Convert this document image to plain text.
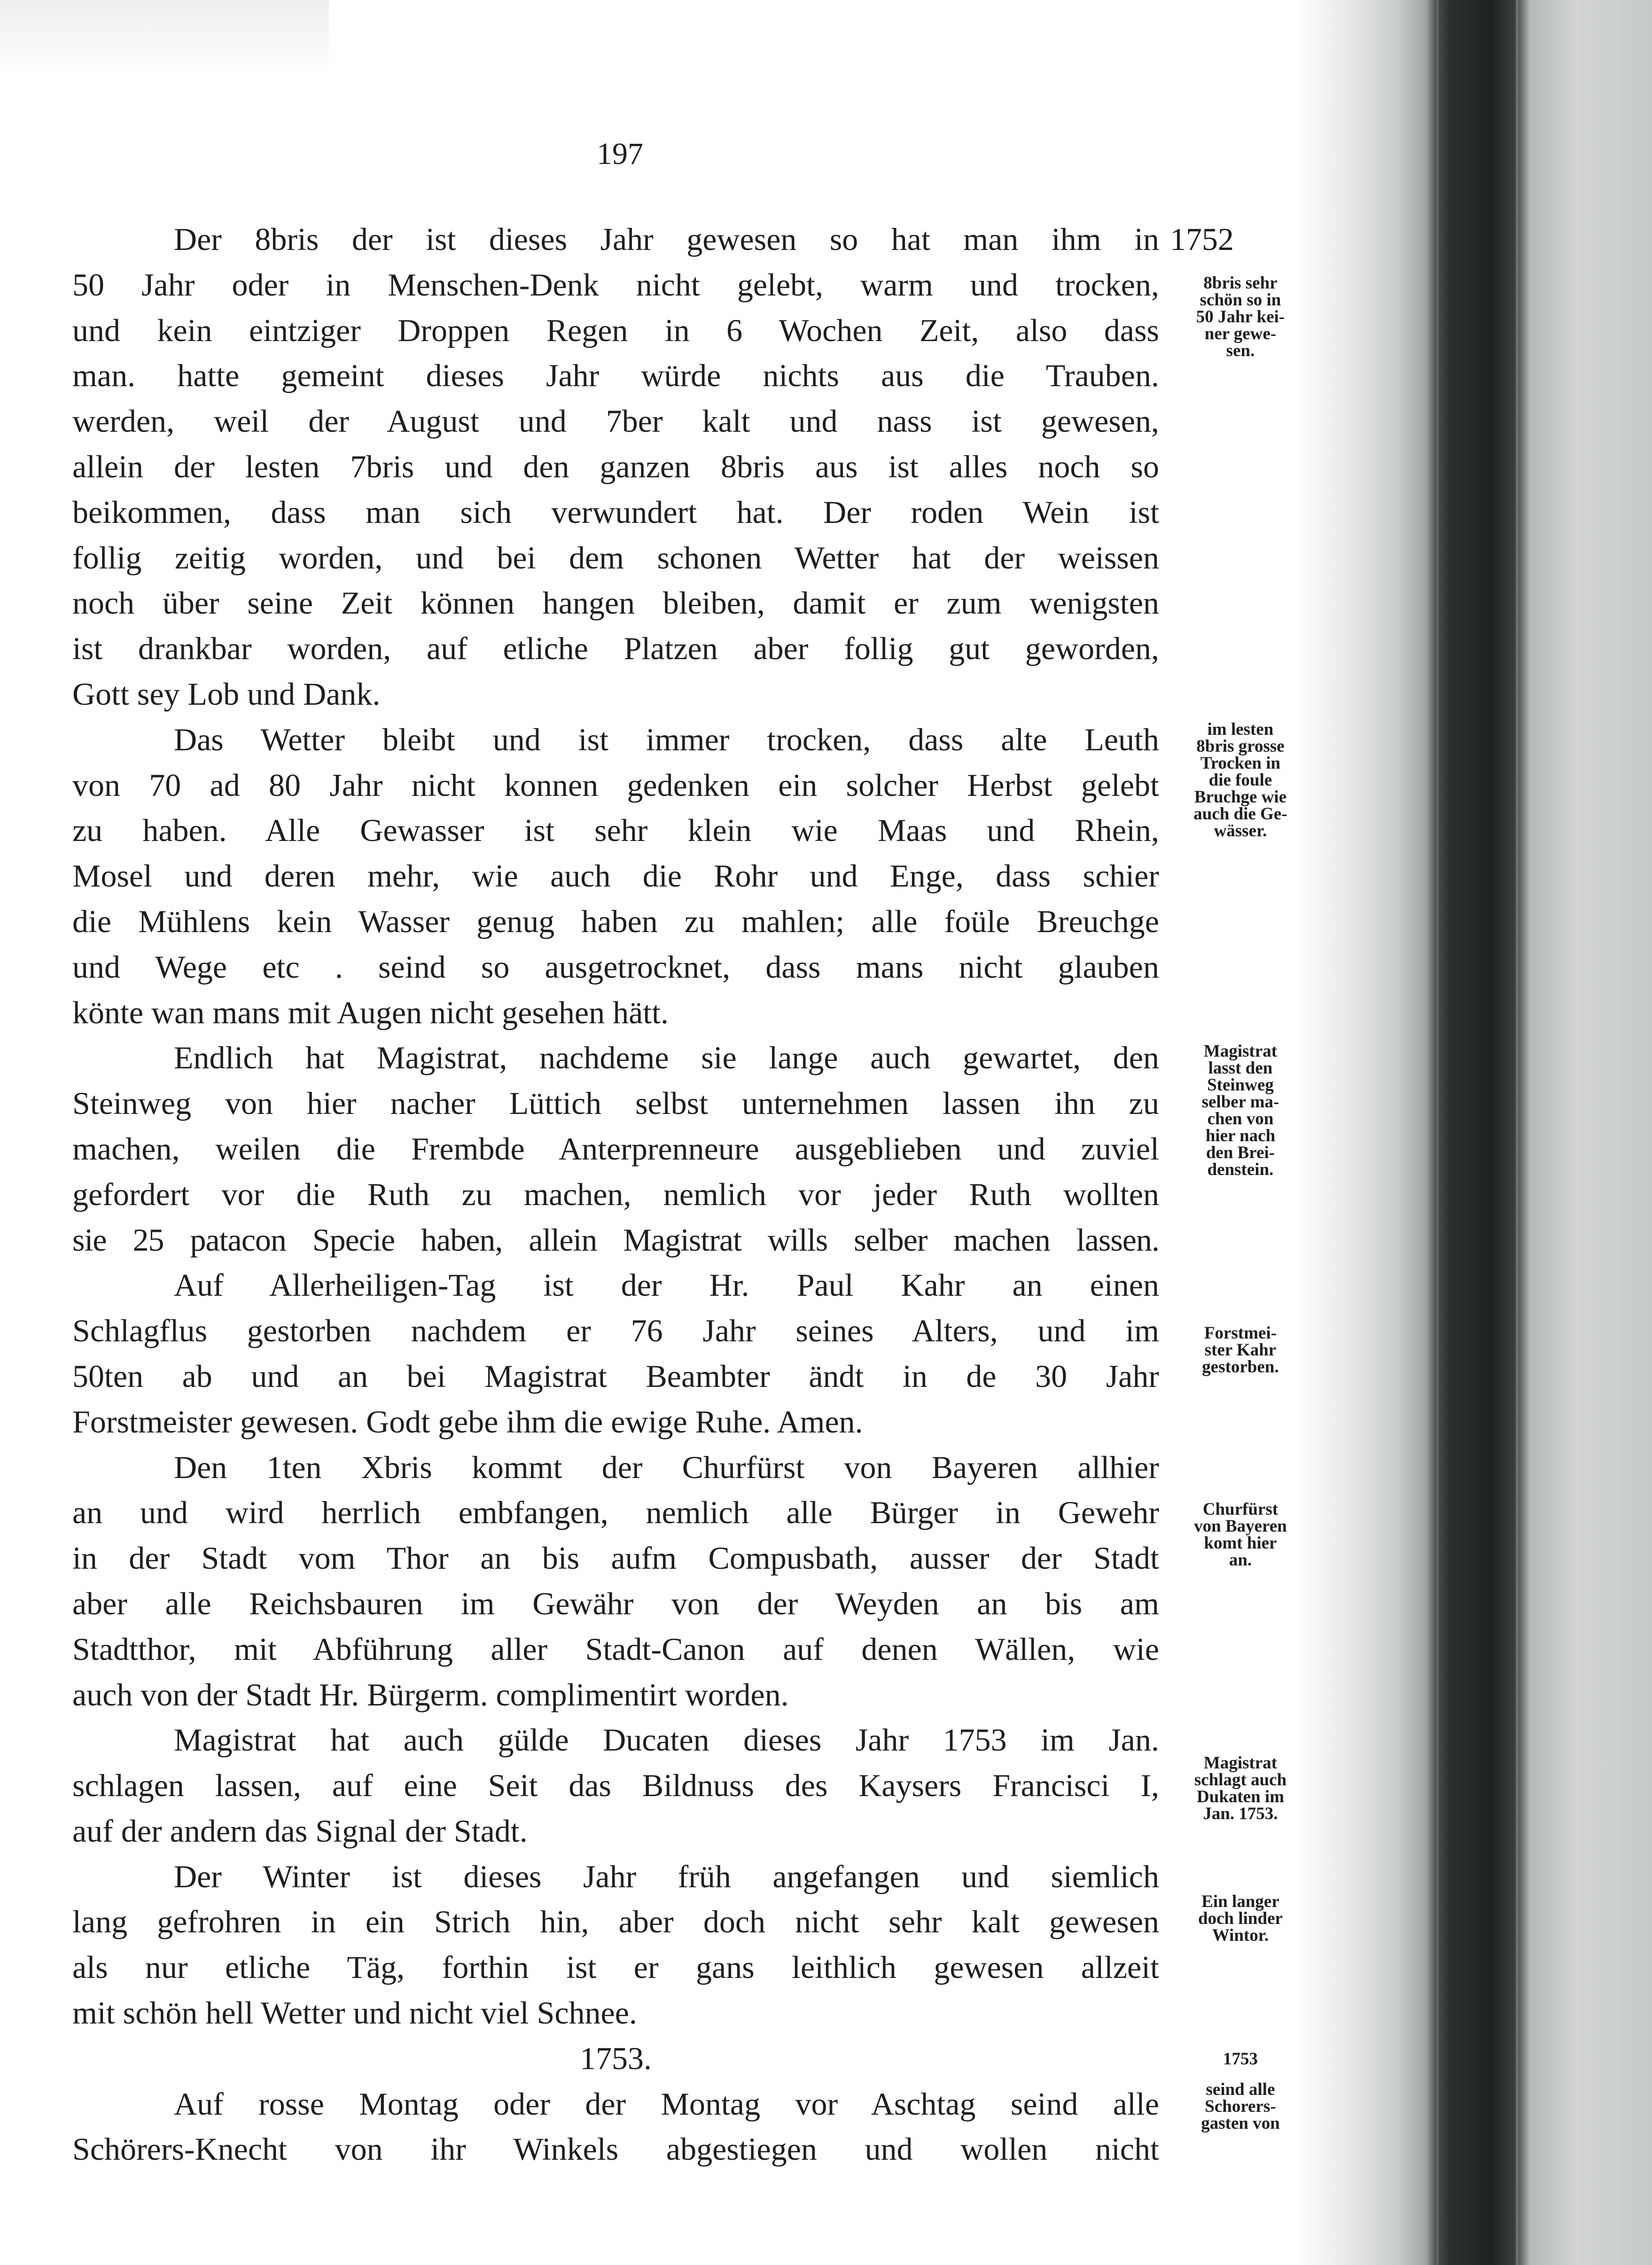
197
Der 8bris der ist dieses Jahr gewesen so hat man ihm in
50 Jahr oder in Menschen-Denk nicht gelebt, warm und trocken,
und kein eintziger Droppen Regen in 6 Wochen Zeit, also dass
man. hatte gemeint dieses Jahr würde nichts aus die Trauben.
werden, weil der August und 7ber kalt und nass ist gewesen,
allein der lesten 7bris und den ganzen 8bris aus ist alles noch so
beikommen, dass man sich verwundert hat. Der roden Wein ist
follig zeitig worden, und bei dem schonen Wetter hat der weissen
noch über seine Zeit können hangen bleiben, damit er zum wenigsten
ist drankbar worden, auf etliche Platzen aber follig gut geworden,
Gott sey Lob und Dank.
Das Wetter bleibt und ist immer trocken, dass alte Leuth
von 70 ad 80 Jahr nicht konnen gedenken ein solcher Herbst gelebt
zu haben. Alle Gewasser ist sehr klein wie Maas und Rhein,
Mosel und deren mehr, wie auch die Rohr und Enge, dass schier
die Mühlens kein Wasser genug haben zu mahlen; alle foüle Breuchge
und Wege etc . seind so ausgetrocknet, dass mans nicht glauben
könte wan mans mit Augen nicht gesehen hätt.
Endlich hat Magistrat, nachdeme sie lange auch gewartet, den
Steinweg von hier nacher Lüttich selbst unternehmen lassen ihn zu
machen, weilen die Frembde Anterprenneure ausgeblieben und zuviel
gefordert vor die Ruth zu machen, nemlich vor jeder Ruth wollten
sie 25 patacon Specie haben, allein Magistrat wills selber machen lassen.
Auf Allerheiligen-Tag ist der Hr. Paul Kahr an einen
Schlagflus gestorben nachdem er 76 Jahr seines Alters, und im
50ten ab und an bei Magistrat Beambter ändt in de 30 Jahr
Forstmeister gewesen. Godt gebe ihm die ewige Ruhe. Amen.
Den 1ten Xbris kommt der Churfürst von Bayeren allhier
an und wird herrlich embfangen, nemlich alle Bürger in Gewehr
in der Stadt vom Thor an bis aufm Compusbath, ausser der Stadt
aber alle Reichsbauren im Gewähr von der Weyden an bis am
Stadtthor, mit Abführung aller Stadt-Canon auf denen Wällen, wie
auch von der Stadt Hr. Bürgerm. complimentirt worden.
Magistrat hat auch gülde Ducaten dieses Jahr 1753 im Jan.
schlagen lassen, auf eine Seit das Bildnuss des Kaysers Francisci I,
auf der andern das Signal der Stadt.
Der Winter ist dieses Jahr früh angefangen und siemlich
lang gefrohren in ein Strich hin, aber doch nicht sehr kalt gewesen
als nur etliche Täg, forthin ist er gans leithlich gewesen allzeit
mit schön hell Wetter und nicht viel Schnee.
1753.
Auf rosse Montag oder der Montag vor Aschtag seind alle
Schörers-Knecht von ihr Winkels abgestiegen und wollen nicht
1752
8bris sehr
schön so in
50 Jahr kei-
ner gewe-
sen.
im lesten
8bris grosse
Trocken in
die foule
Bruchge wie
auch die Ge-
wässer.
Magistrat
lasst den
Steinweg
selber ma-
chen von
hier nach
den Brei-
denstein.
Forstmei-
ster Kahr
gestorben.
Churfürst
von Bayeren
komt hier
an.
Magistrat
schlagt auch
Dukaten im
Jan. 1753.
Ein langer
doch linder
Wintor.
1753
seind alle
Schorers-
gasten von
